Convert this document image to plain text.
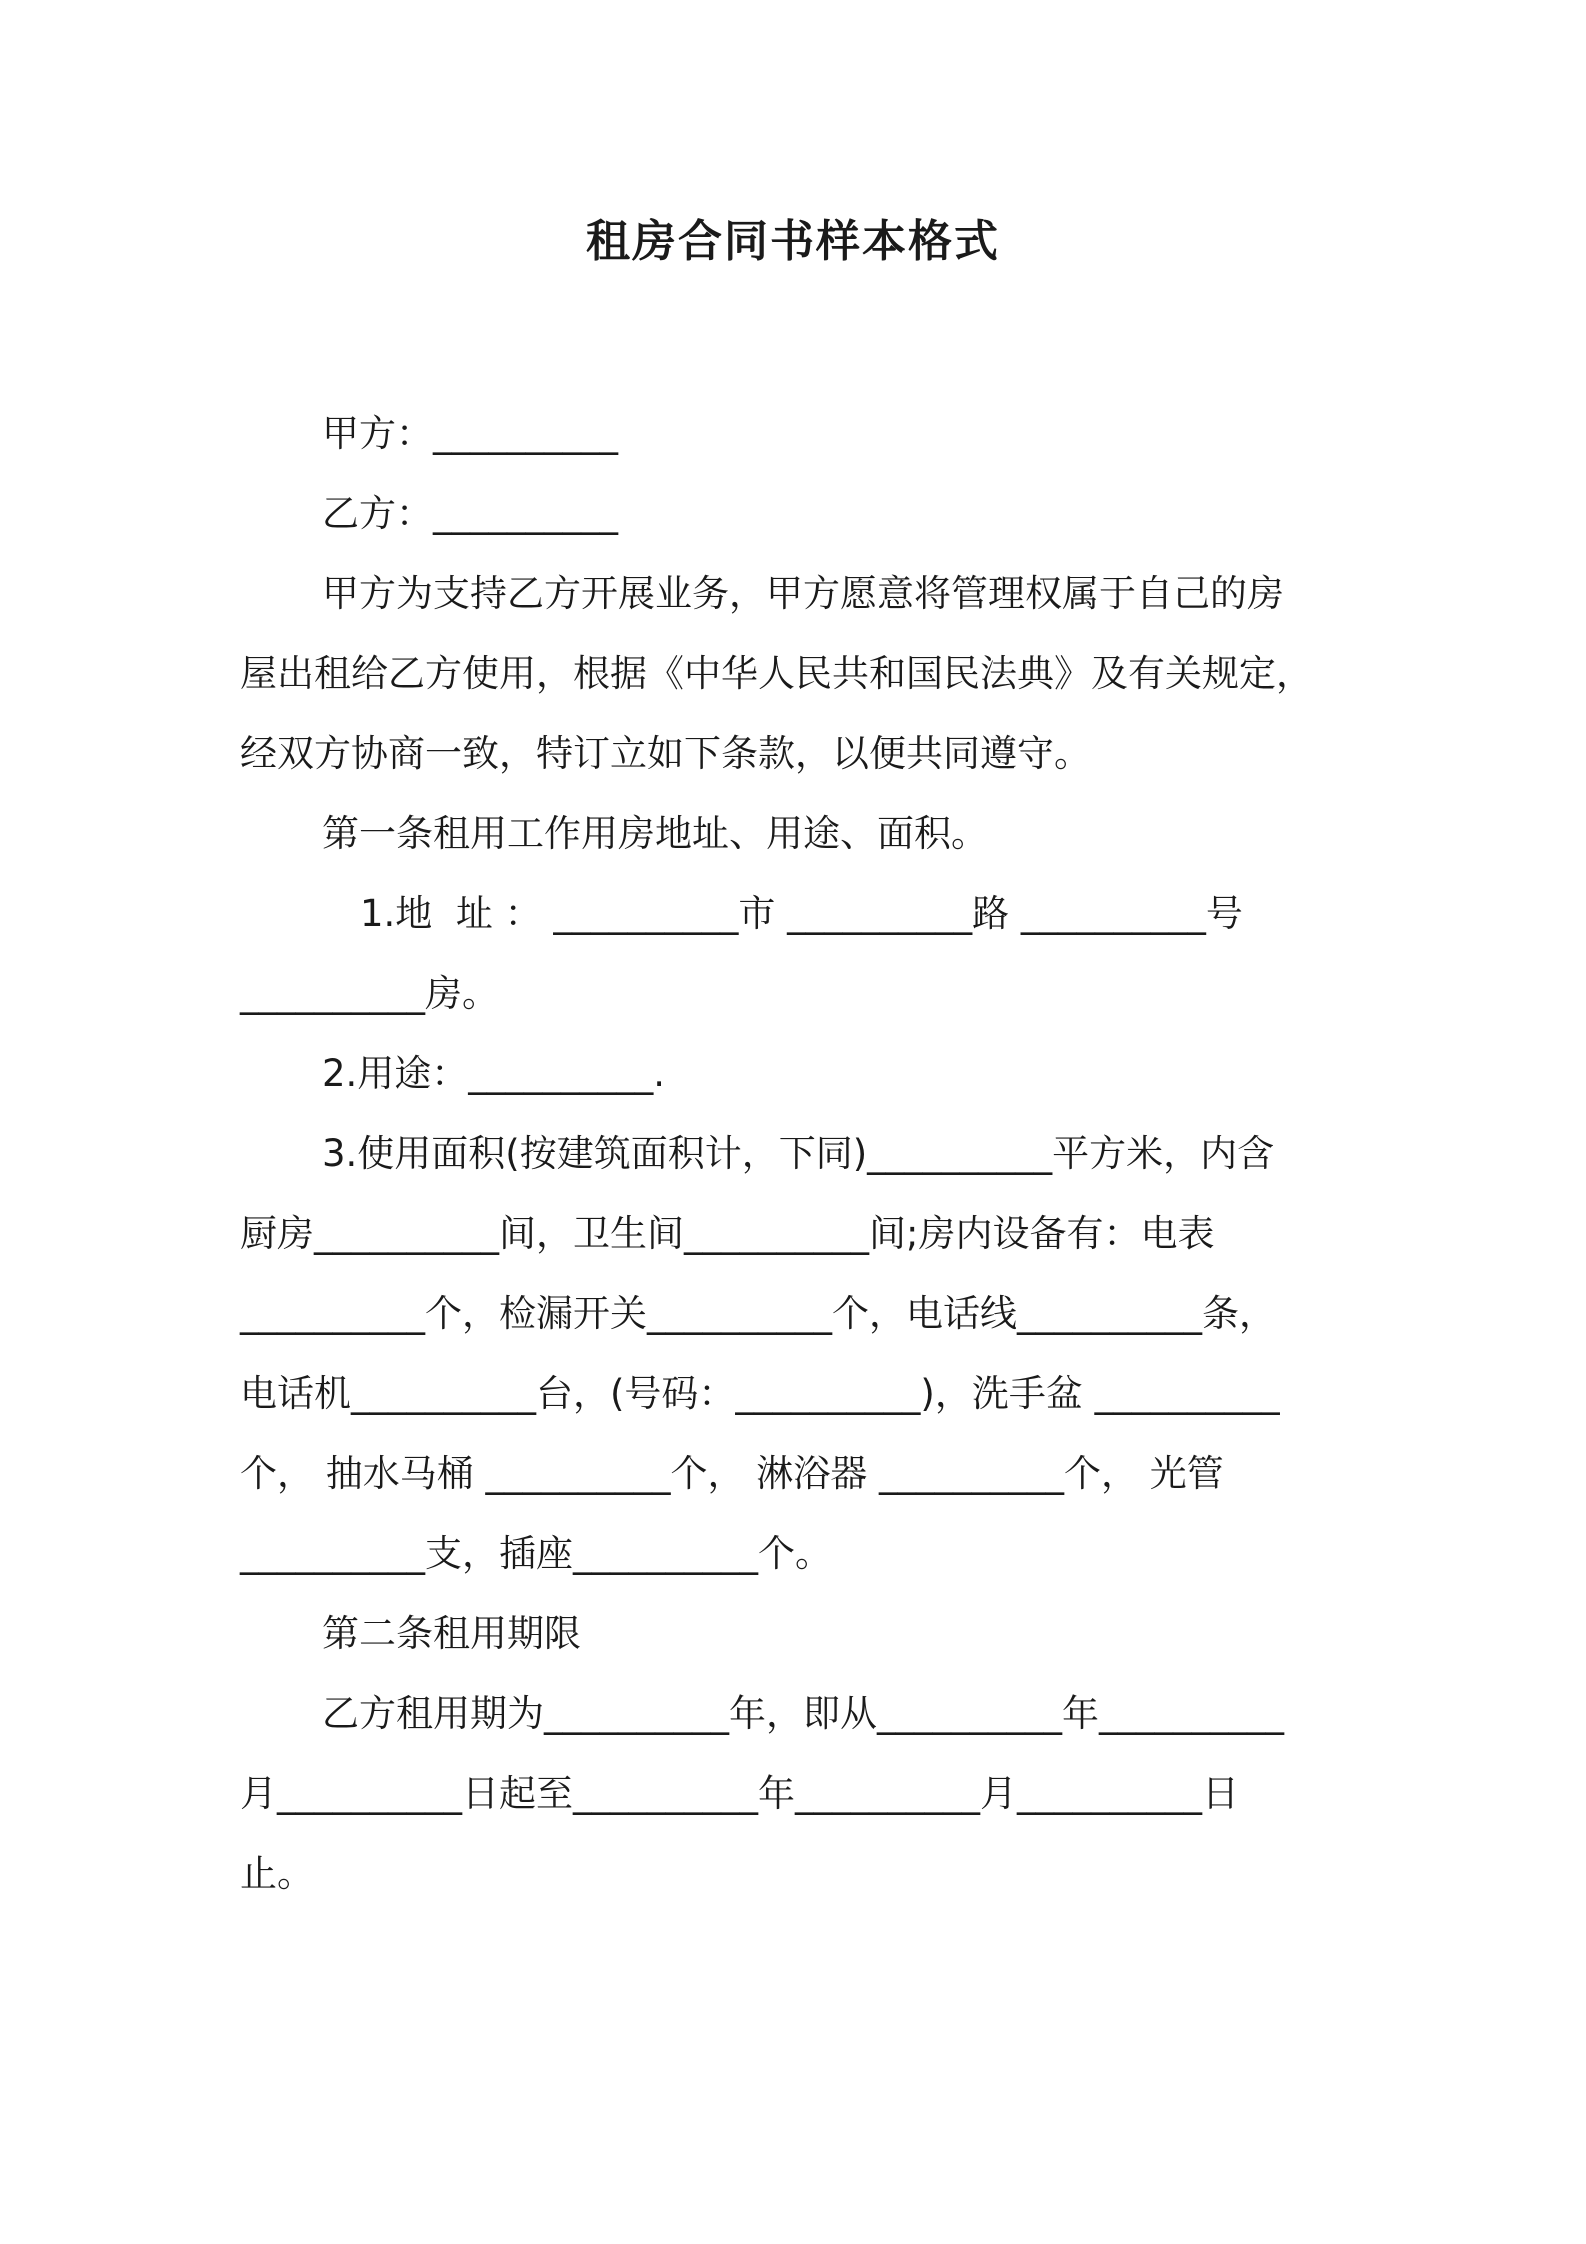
租房合同书样本格式

甲方：__________

乙方：__________

甲方为支持乙方开展业务，甲方愿意将管理权属于自己的房

屋出租给乙方使用，根据《中华人民共和国民法典》及有关规定，

经双方协商一致，特订立如下条款，以便共同遵守。

第一条租用工作用房地址、用途、面积。

1.地  址 ： __________市 __________路 __________号

__________房。

2.用途：__________.

3.使用面积(按建筑面积计，下同)__________平方米，内含

厨房__________间，卫生间__________间;房内设备有：电表

__________个，检漏开关__________个，电话线__________条，

电话机__________台，(号码：__________)，洗手盆 __________

个， 抽水马桶 __________个， 淋浴器 __________个， 光管

__________支，插座__________个。

第二条租用期限

乙方租用期为__________年，即从__________年__________

月__________日起至__________年__________月__________日

止。
